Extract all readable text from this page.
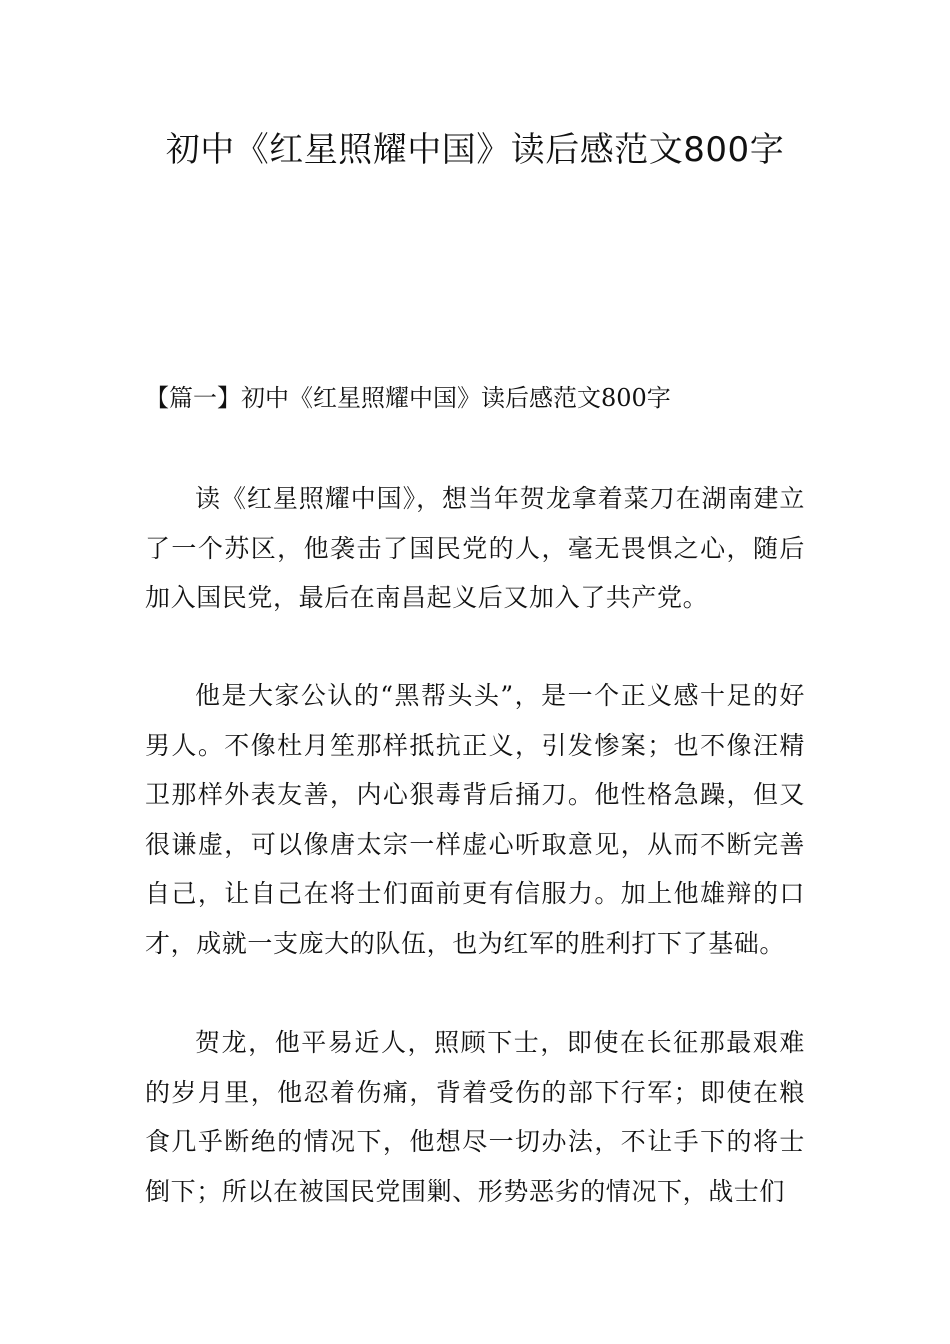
初中《红星照耀中国》读后感范文800字
【篇一】初中《红星照耀中国》读后感范文800字

读《红星照耀中国》，想当年贺龙拿着菜刀在湖南建立了一个苏区，他袭击了国民党的人，毫无畏惧之心，随后加入国民党，最后在南昌起义后又加入了共产党。

他是大家公认的“黑帮头头”，是一个正义感十足的好男人。不像杜月笙那样抵抗正义，引发惨案；也不像汪精卫那样外表友善，内心狠毒背后捅刀。他性格急躁，但又很谦虚，可以像唐太宗一样虚心听取意见，从而不断完善自己，让自己在将士们面前更有信服力。加上他雄辩的口才，成就一支庞大的队伍，也为红军的胜利打下了基础。

贺龙，他平易近人，照顾下士，即使在长征那最艰难的岁月里，他忍着伤痛，背着受伤的部下行军；即使在粮食几乎断绝的情况下，他想尽一切办法，不让手下的将士倒下；所以在被国民党围剿、形势恶劣的情况下，战士们
